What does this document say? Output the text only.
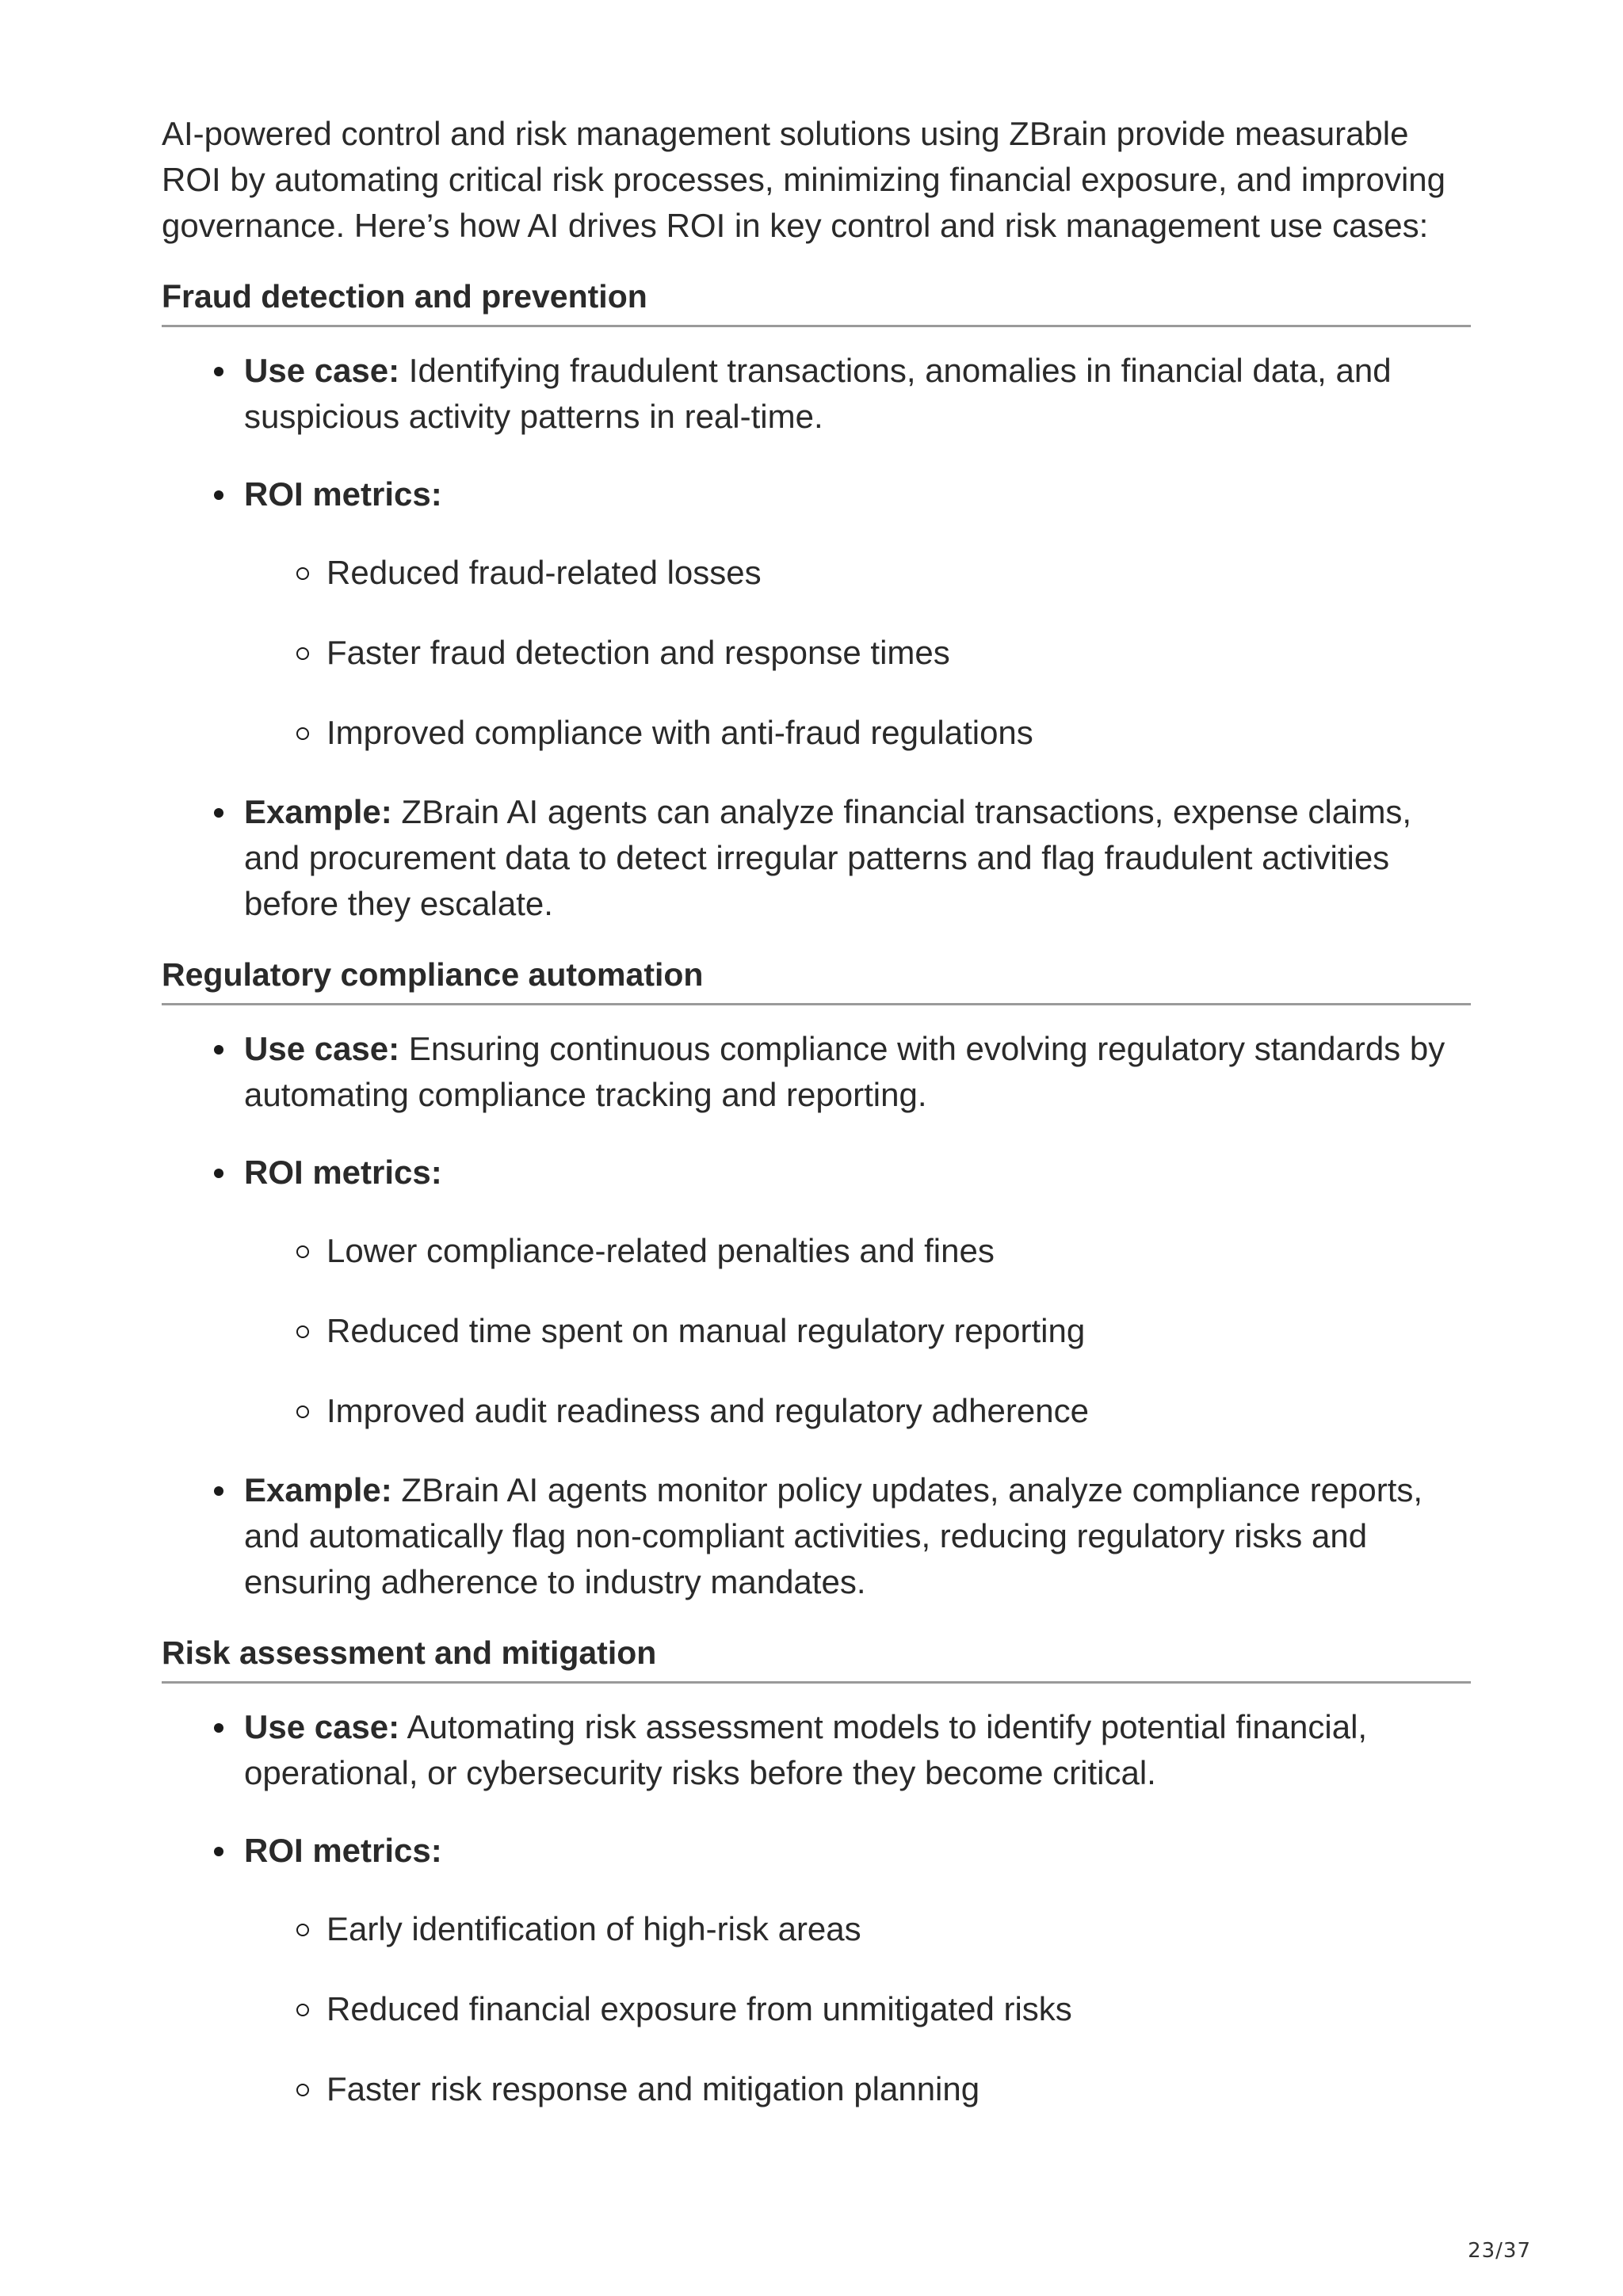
AI-powered control and risk management solutions using ZBrain provide measurable ROI by automating critical risk processes, minimizing financial exposure, and improving governance. Here’s how AI drives ROI in key control and risk management use cases:

Fraud detection and prevention
Use case: Identifying fraudulent transactions, anomalies in financial data, and suspicious activity patterns in real-time.
ROI metrics:
Reduced fraud-related losses
Faster fraud detection and response times
Improved compliance with anti-fraud regulations
Example: ZBrain AI agents can analyze financial transactions, expense claims, and procurement data to detect irregular patterns and flag fraudulent activities before they escalate.
Regulatory compliance automation
Use case: Ensuring continuous compliance with evolving regulatory standards by automating compliance tracking and reporting.
ROI metrics:
Lower compliance-related penalties and fines
Reduced time spent on manual regulatory reporting
Improved audit readiness and regulatory adherence
Example: ZBrain AI agents monitor policy updates, analyze compliance reports, and automatically flag non-compliant activities, reducing regulatory risks and ensuring adherence to industry mandates.
Risk assessment and mitigation
Use case: Automating risk assessment models to identify potential financial, operational, or cybersecurity risks before they become critical.
ROI metrics:
Early identification of high-risk areas
Reduced financial exposure from unmitigated risks
Faster risk response and mitigation planning
23/37
